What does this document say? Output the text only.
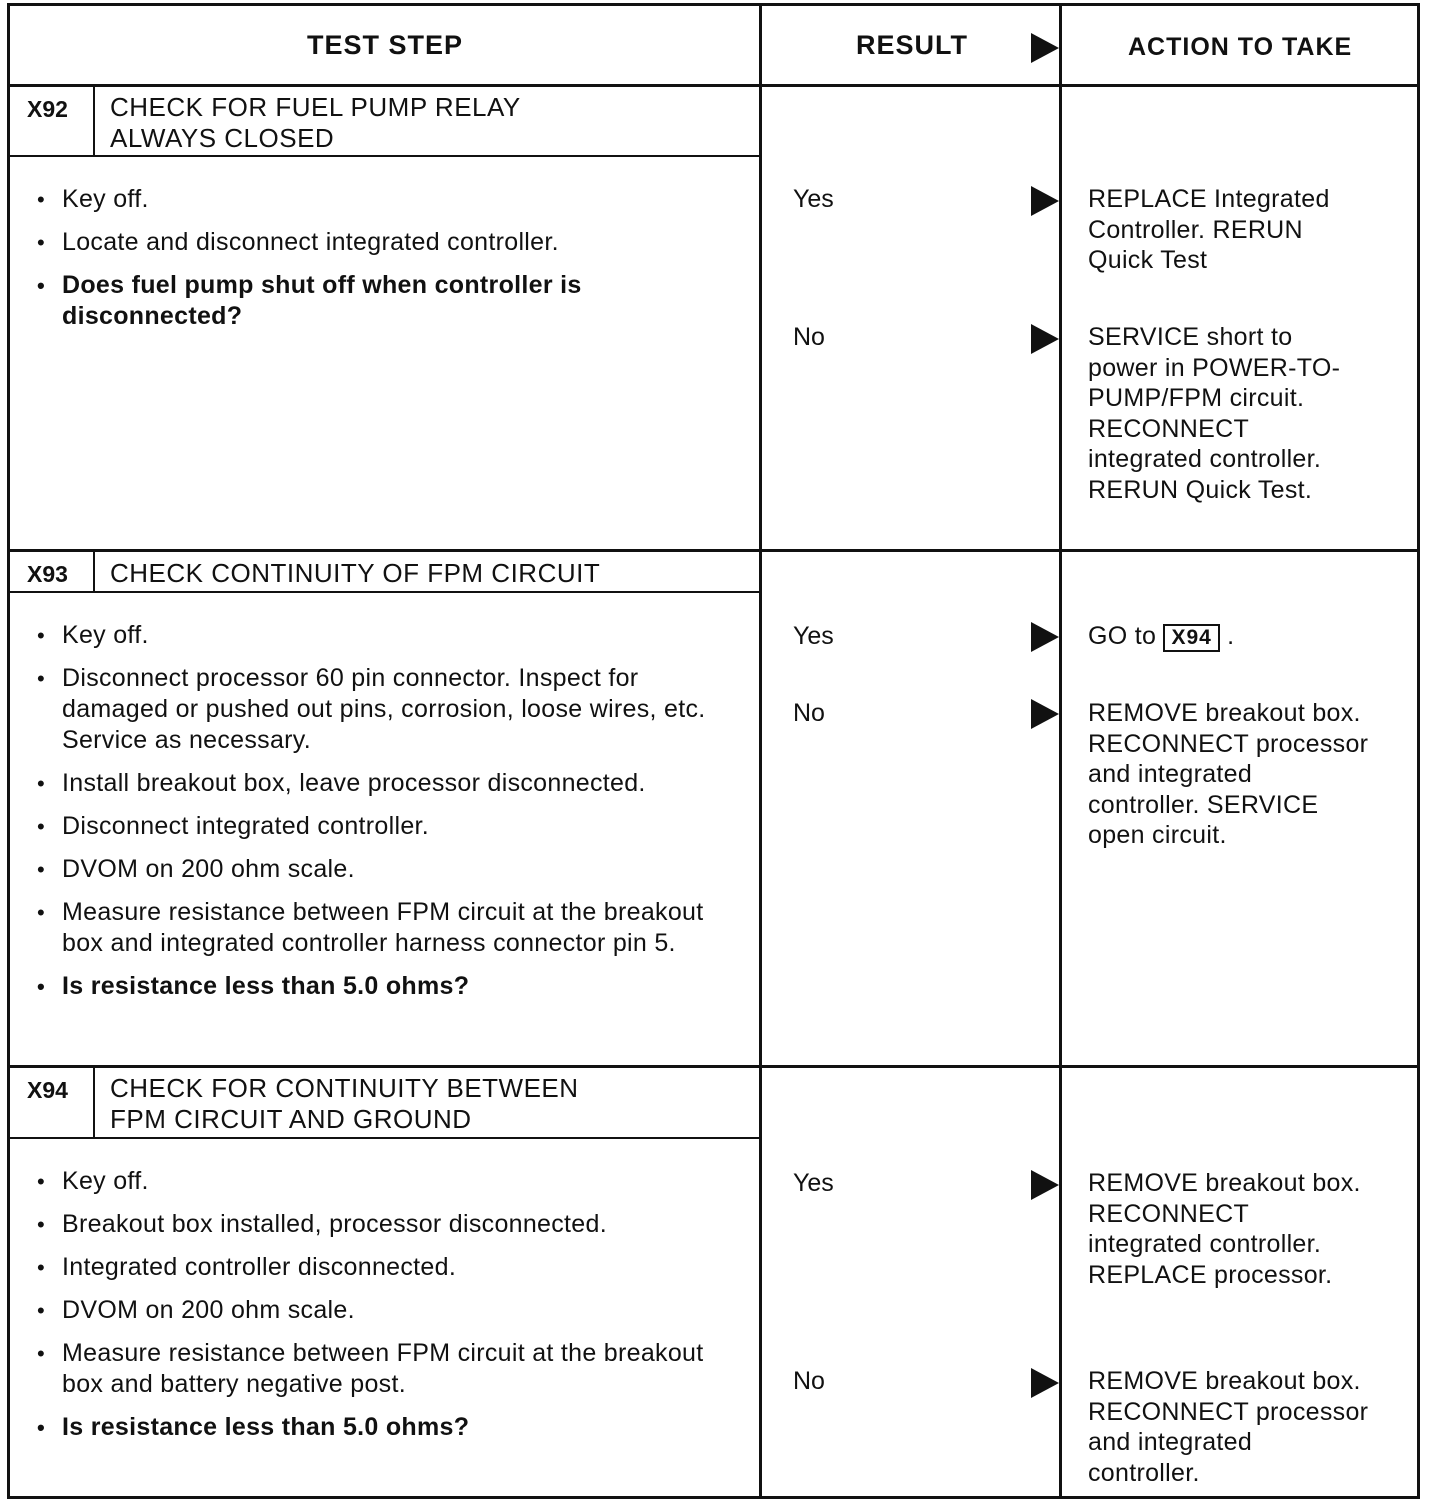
TEST STEP	RESULT	ACTION TO TAKE
X92 CHECK FOR FUEL PUMP RELAY
ALWAYS CLOSED
• Key off.
• Locate and disconnect integrated controller.
• Does fuel pump shut off when controller is disconnected?
Yes	REPLACE Integrated
Controller. RERUN
Quick Test
No	SERVICE short to
power in POWER-TO-
PUMP/FPM circuit.
RECONNECT
integrated controller.
RERUN Quick Test.
X93 CHECK CONTINUITY OF FPM CIRCUIT
• Key off.
• Disconnect processor 60 pin connector. Inspect for damaged or pushed out pins, corrosion, loose wires, etc. Service as necessary.
• Install breakout box, leave processor disconnected.
• Disconnect integrated controller.
• DVOM on 200 ohm scale.
• Measure resistance between FPM circuit at the breakout box and integrated controller harness connector pin 5.
• Is resistance less than 5.0 ohms?
Yes	GO to X94 .
No	REMOVE breakout box.
RECONNECT processor
and integrated
controller. SERVICE
open circuit.
X94 CHECK FOR CONTINUITY BETWEEN
FPM CIRCUIT AND GROUND
• Key off.
• Breakout box installed, processor disconnected.
• Integrated controller disconnected.
• DVOM on 200 ohm scale.
• Measure resistance between FPM circuit at the breakout box and battery negative post.
• Is resistance less than 5.0 ohms?
Yes	REMOVE breakout box.
RECONNECT
integrated controller.
REPLACE processor.
No	REMOVE breakout box.
RECONNECT processor
and integrated
controller.
